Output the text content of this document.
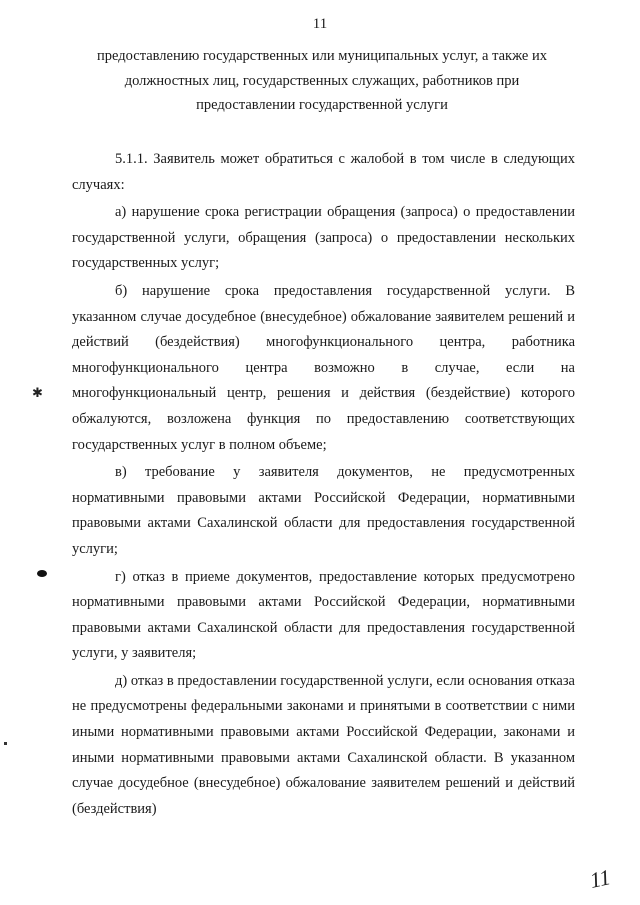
11
предоставлению государственных или муниципальных услуг, а также их
должностных лиц, государственных служащих, работников при
предоставлении государственной услуги

5.1.1. Заявитель может обратиться с жалобой в том числе в следующих случаях:

а) нарушение срока регистрации обращения (запроса) о предоставлении государственной услуги, обращения (запроса) о предоставлении нескольких государственных услуг;

б) нарушение срока предоставления государственной услуги. В указанном случае досудебное (внесудебное) обжалование заявителем решений и действий (бездействия) многофункционального центра, работника многофункционального центра возможно в случае, если на многофункциональный центр, решения и действия (бездействие) которого обжалуются, возложена функция по предоставлению соответствующих государственных услуг в полном объеме;

в) требование у заявителя документов, не предусмотренных нормативными правовыми актами Российской Федерации, нормативными правовыми актами Сахалинской области для предоставления государственной услуги;

г) отказ в приеме документов, предоставление которых предусмотрено нормативными правовыми актами Российской Федерации, нормативными правовыми актами Сахалинской области для предоставления государственной услуги, у заявителя;

д) отказ в предоставлении государственной услуги, если основания отказа не предусмотрены федеральными законами и принятыми в соответствии с ними иными нормативными правовыми актами Российской Федерации, законами и иными нормативными правовыми актами Сахалинской области. В указанном случае досудебное (внесудебное) обжалование заявителем решений и действий (бездействия)

✱
11
